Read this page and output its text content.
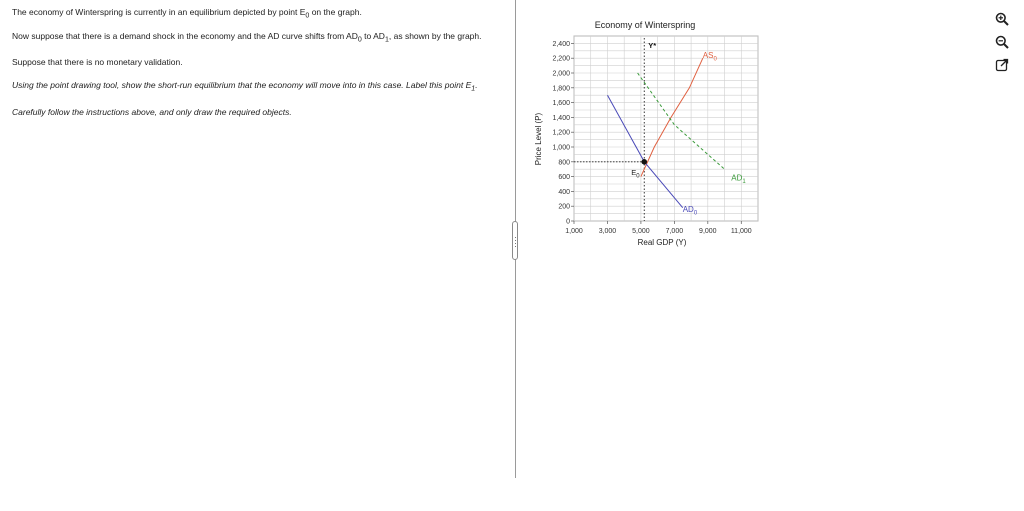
The economy of Winterspring is currently in an equilibrium depicted by point $E_0$ on the graph.

Now suppose that there is a demand shock in the economy and the AD curve shifts from $AD_0$ to $AD_1$, as shown by the graph.

Suppose that there is no monetary validation.

Using the point drawing tool, show the short-run equilibrium that the economy will move into in this case. Label this point $E_1$.

Carefully follow the instructions above, and only draw the required objects.

Economy of Winterspring
Price Level (P)
Real GDP (Y)
1,000 3,000 5,000 7,000 9,000 11,000
0
200
400
600
800
1,000
1,200
1,400
1,600
1,800
2,000
2,200
2,400	Y*
$AS_0$
$AD_0$
$AD_1$
$E_0$
